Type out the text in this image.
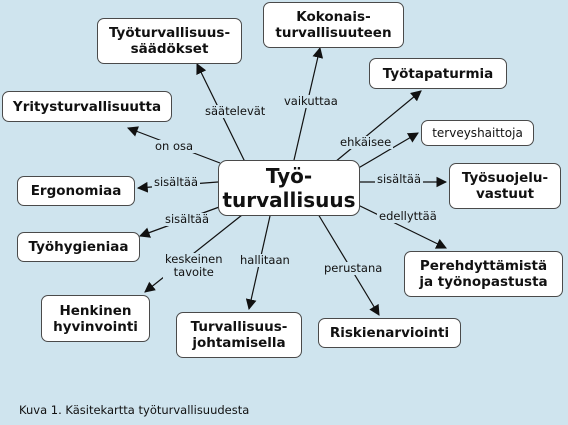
säätelevät
vaikuttaa
ehkäisee
on osa
sisältää	sisältää
sisältää	edellyttää
keskeinen
tavoite
hallitaan
perustana
Työ-
turvallisuus
Työturvallisuus-
säädökset
Kokonais-
turvallisuuteen
Työtapaturmia
terveyshaittoja
Yritysturvallisuutta
Ergonomiaa
Työsuojelu-
vastuut
Työhygieniaa
Perehdyttämistä
ja työnopastusta
Henkinen
hyvinvointi	Turvallisuus-
johtamisella
Riskienarviointi
Kuva 1. Käsitekartta työturvallisuudesta
